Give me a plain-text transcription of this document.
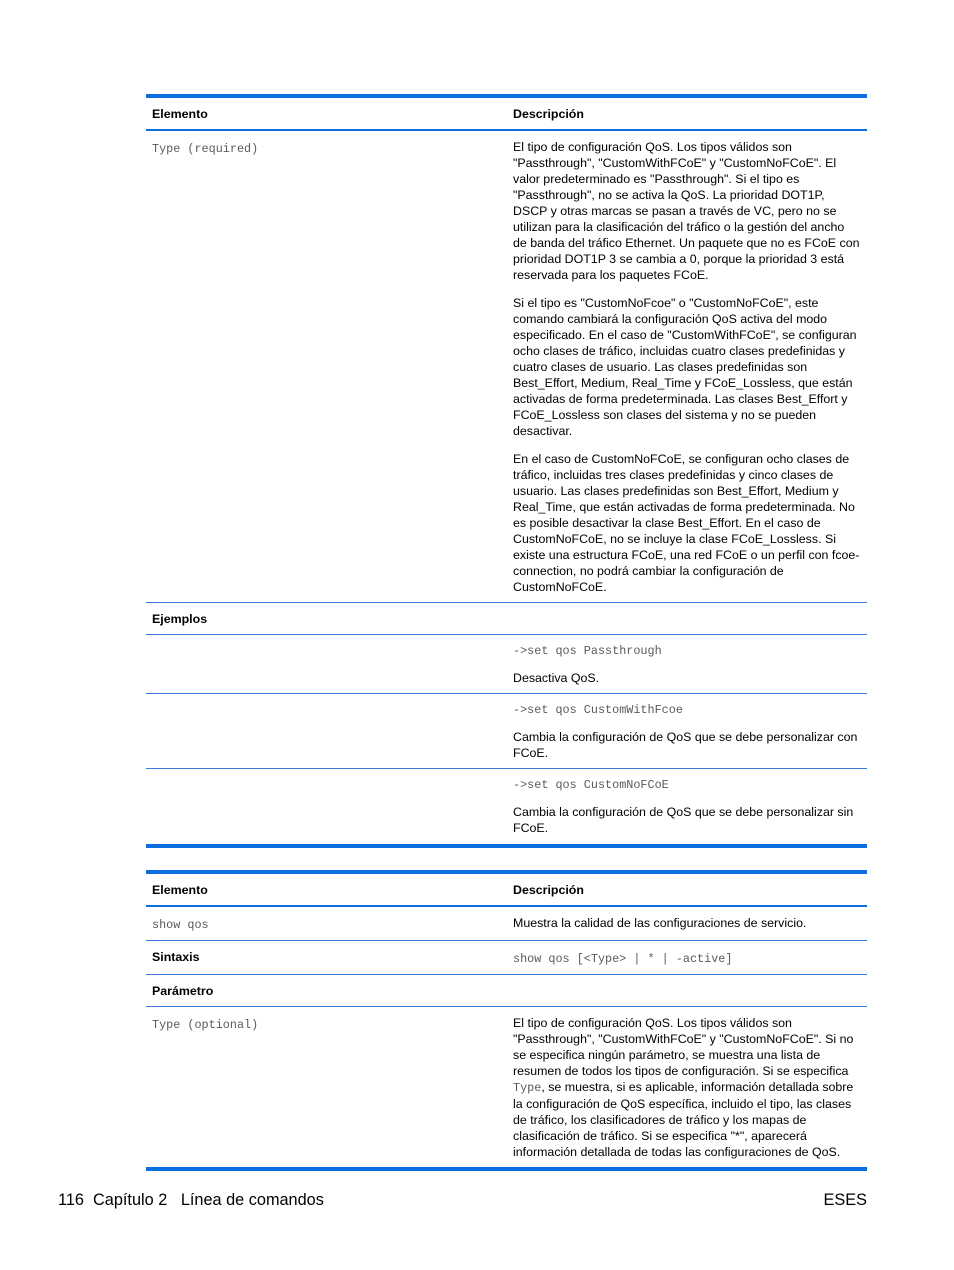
Elemento	Descripción
Type (required)	El tipo de configuración QoS. Los tipos válidos son "Passthrough", "CustomWithFCoE" y "CustomNoFCoE". El valor predeterminado es "Passthrough". Si el tipo es "Passthrough", no se activa la QoS. La prioridad DOT1P, DSCP y otras marcas se pasan a través de VC, pero no se utilizan para la clasificación del tráfico o la gestión del ancho de banda del tráfico Ethernet. Un paquete que no es FCoE con prioridad DOT1P 3 se cambia a 0, porque la prioridad 3 está reservada para los paquetes FCoE.

Si el tipo es "CustomNoFcoe" o "CustomNoFCoE", este comando cambiará la configuración QoS activa del modo especificado. En el caso de "CustomWithFCoE", se configuran ocho clases de tráfico, incluidas cuatro clases predefinidas y cuatro clases de usuario. Las clases predefinidas son Best_Effort, Medium, Real_Time y FCoE_Lossless, que están activadas de forma predeterminada. Las clases Best_Effort y FCoE_Lossless son clases del sistema y no se pueden desactivar.

En el caso de CustomNoFCoE, se configuran ocho clases de tráfico, incluidas tres clases predefinidas y cinco clases de usuario. Las clases predefinidas son Best_Effort, Medium y Real_Time, que están activadas de forma predeterminada. No es posible desactivar la clase Best_Effort. En el caso de CustomNoFCoE, no se incluye la clase FCoE_Lossless. Si existe una estructura FCoE, una red FCoE o un perfil con fcoe-connection, no podrá cambiar la configuración de CustomNoFCoE.

Ejemplos
->set qos Passthrough
Desactiva QoS.
->set qos CustomWithFcoe
Cambia la configuración de QoS que se debe personalizar con FCoE.
->set qos CustomNoFCoE
Cambia la configuración de QoS que se debe personalizar sin FCoE.
Elemento	Descripción
show qos	Muestra la calidad de las configuraciones de servicio.
Sintaxis	show qos [<Type> | * | -active]
Parámetro
Type (optional)	El tipo de configuración QoS. Los tipos válidos son "Passthrough", "CustomWithFCoE" y "CustomNoFCoE". Si no se especifica ningún parámetro, se muestra una lista de resumen de todos los tipos de configuración. Si se especifica Type, se muestra, si es aplicable, información detallada sobre la configuración de QoS específica, incluido el tipo, las clases de tráfico, los clasificadores de tráfico y los mapas de clasificación de tráfico. Si se especifica "*", aparecerá información detallada de todas las configuraciones de QoS.

116 Capítulo 2 Línea de comandos	ESES
